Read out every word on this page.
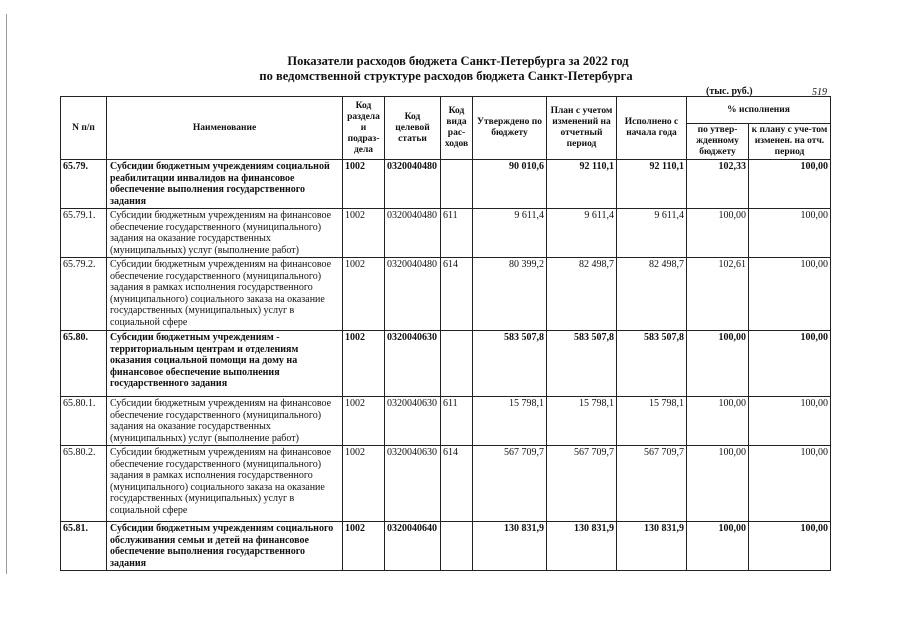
Показатели расходов бюджета Санкт-Петербурга за 2022 год
по ведомственной структуре расходов бюджета Санкт-Петербурга
(тыс. руб.)	519
N п/п	Наименование	Код раздела и подраз-дела	Код целевой статьи	Код вида рас-ходов	Утверждено по бюджету	План с учетом изменений на отчетный период	Исполнено с начала года	% исполнения	
								по утвер-жденному бюджету	к плану с уче-том изменен. на отч. период
65.79.	Субсидии бюджетным учреждениям социальной реабилитации инвалидов на финансовое обеспечение выполнения государственного задания	1002	0320040480		90 010,6	92 110,1	92 110,1	102,33	100,00
65.79.1.	Субсидии бюджетным учреждениям на финансовое обеспечение государственного (муниципального) задания на оказание государственных (муниципальных) услуг (выполнение работ)	1002	0320040480	611	9 611,4	9 611,4	9 611,4	100,00	100,00
65.79.2.	Субсидии бюджетным учреждениям на финансовое обеспечение государственного (муниципального) задания в рамках исполнения государственного (муниципального) социального заказа на оказание государственных (муниципальных) услуг в социальной сфере	1002	0320040480	614	80 399,2	82 498,7	82 498,7	102,61	100,00
65.80.	Субсидии бюджетным учреждениям - территориальным центрам и отделениям оказания социальной помощи на дому на финансовое обеспечение выполнения государственного задания	1002	0320040630		583 507,8	583 507,8	583 507,8	100,00	100,00
65.80.1.	Субсидии бюджетным учреждениям на финансовое обеспечение государственного (муниципального) задания на оказание государственных (муниципальных) услуг (выполнение работ)	1002	0320040630	611	15 798,1	15 798,1	15 798,1	100,00	100,00
65.80.2.	Субсидии бюджетным учреждениям на финансовое обеспечение государственного (муниципального) задания в рамках исполнения государственного (муниципального) социального заказа на оказание государственных (муниципальных) услуг в социальной сфере	1002	0320040630	614	567 709,7	567 709,7	567 709,7	100,00	100,00
65.81.	Субсидии бюджетным учреждениям социального обслуживания семьи и детей на финансовое обеспечение выполнения государственного задания	1002	0320040640		130 831,9	130 831,9	130 831,9	100,00	100,00
